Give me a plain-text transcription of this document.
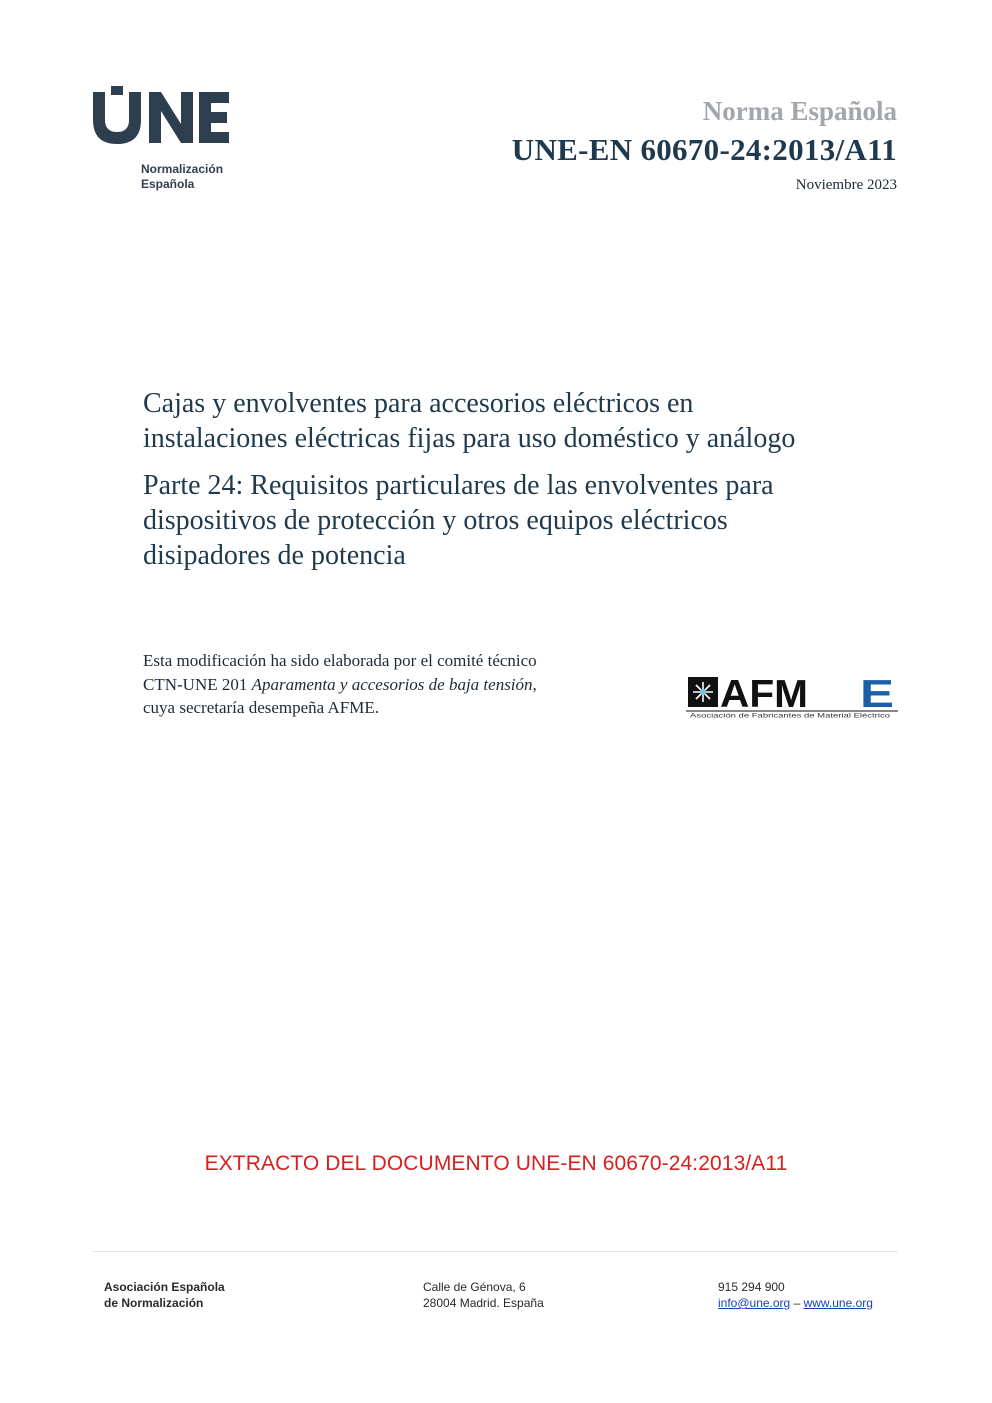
Normalización
Española
Norma Española
UNE-EN 60670-24:2013/A11
Noviembre 2023

Cajas y envolventes para accesorios eléctricos en

instalaciones eléctricas fijas para uso doméstico y análogo

Parte 24: Requisitos particulares de las envolventes para

dispositivos de protección y otros equipos eléctricos

disipadores de potencia

Esta modificación ha sido elaborada por el comité técnico
CTN-UNE 201 Aparamenta y accesorios de baja tensión,
cuya secretaría desempeña AFME.	AFM E
Asociación de Fabricantes de Material Eléctrico
EXTRACTO DEL DOCUMENTO UNE-EN 60670-24:2013/A11
Asociación Española
de Normalización
Calle de Génova, 6
28004 Madrid. España
915 294 900
info@une.org – www.une.org
